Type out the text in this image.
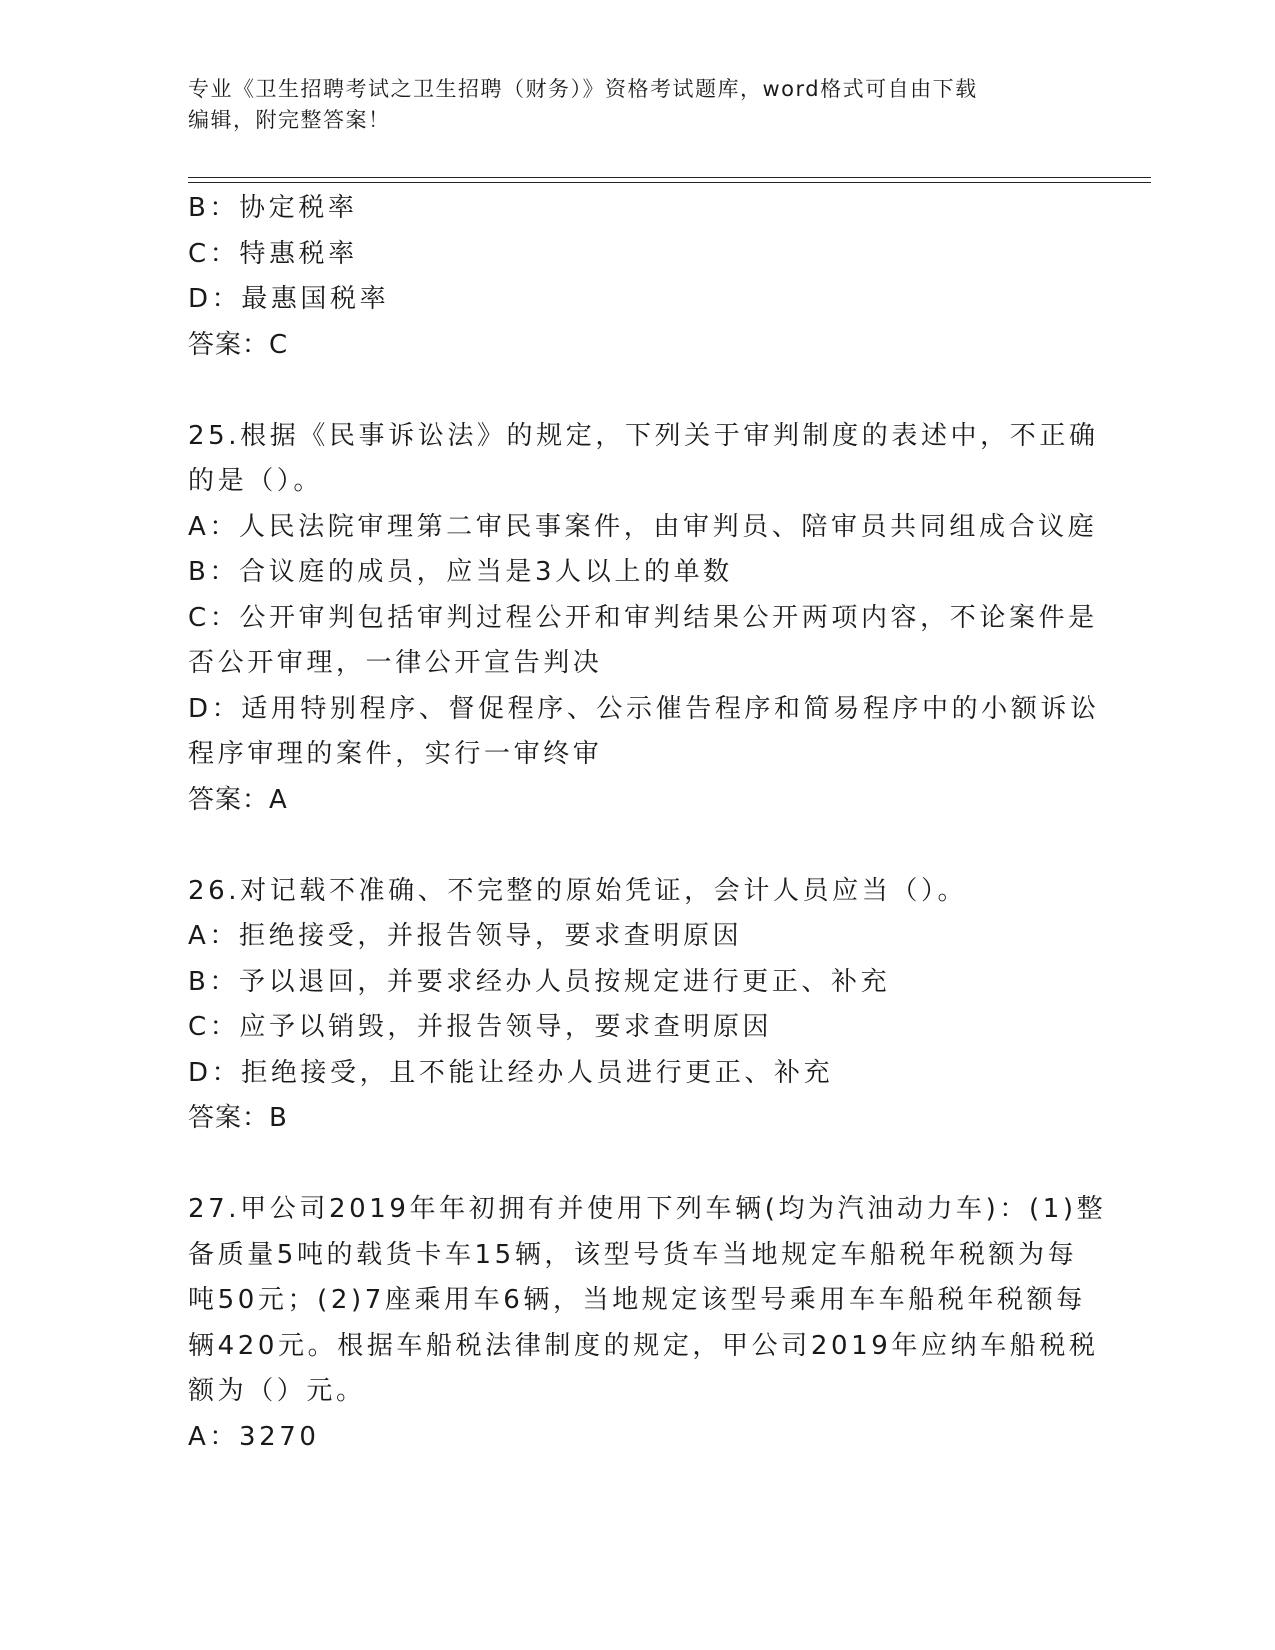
专业《卫生招聘考试之卫生招聘（财务）》资格考试题库，word格式可自由下载
编辑，附完整答案！
B：协定税率
C：特惠税率
D：最惠国税率
答案：C
25.根据《民事诉讼法》的规定，下列关于审判制度的表述中，不正确
的是（）。
A：人民法院审理第二审民事案件，由审判员、陪审员共同组成合议庭
B：合议庭的成员，应当是3人以上的单数
C：公开审判包括审判过程公开和审判结果公开两项内容，不论案件是
否公开审理，一律公开宣告判决
D：适用特别程序、督促程序、公示催告程序和简易程序中的小额诉讼
程序审理的案件，实行一审终审
答案：A
26.对记载不准确、不完整的原始凭证，会计人员应当（）。
A：拒绝接受，并报告领导，要求查明原因
B：予以退回，并要求经办人员按规定进行更正、补充
C：应予以销毁，并报告领导，要求查明原因
D：拒绝接受，且不能让经办人员进行更正、补充
答案：B
27.甲公司2019年年初拥有并使用下列车辆(均为汽油动力车)：(1)整
备质量5吨的载货卡车15辆，该型号货车当地规定车船税年税额为每
吨50元；(2)7座乘用车6辆，当地规定该型号乘用车车船税年税额每
辆420元。根据车船税法律制度的规定，甲公司2019年应纳车船税税
额为（）元。
A：3270
